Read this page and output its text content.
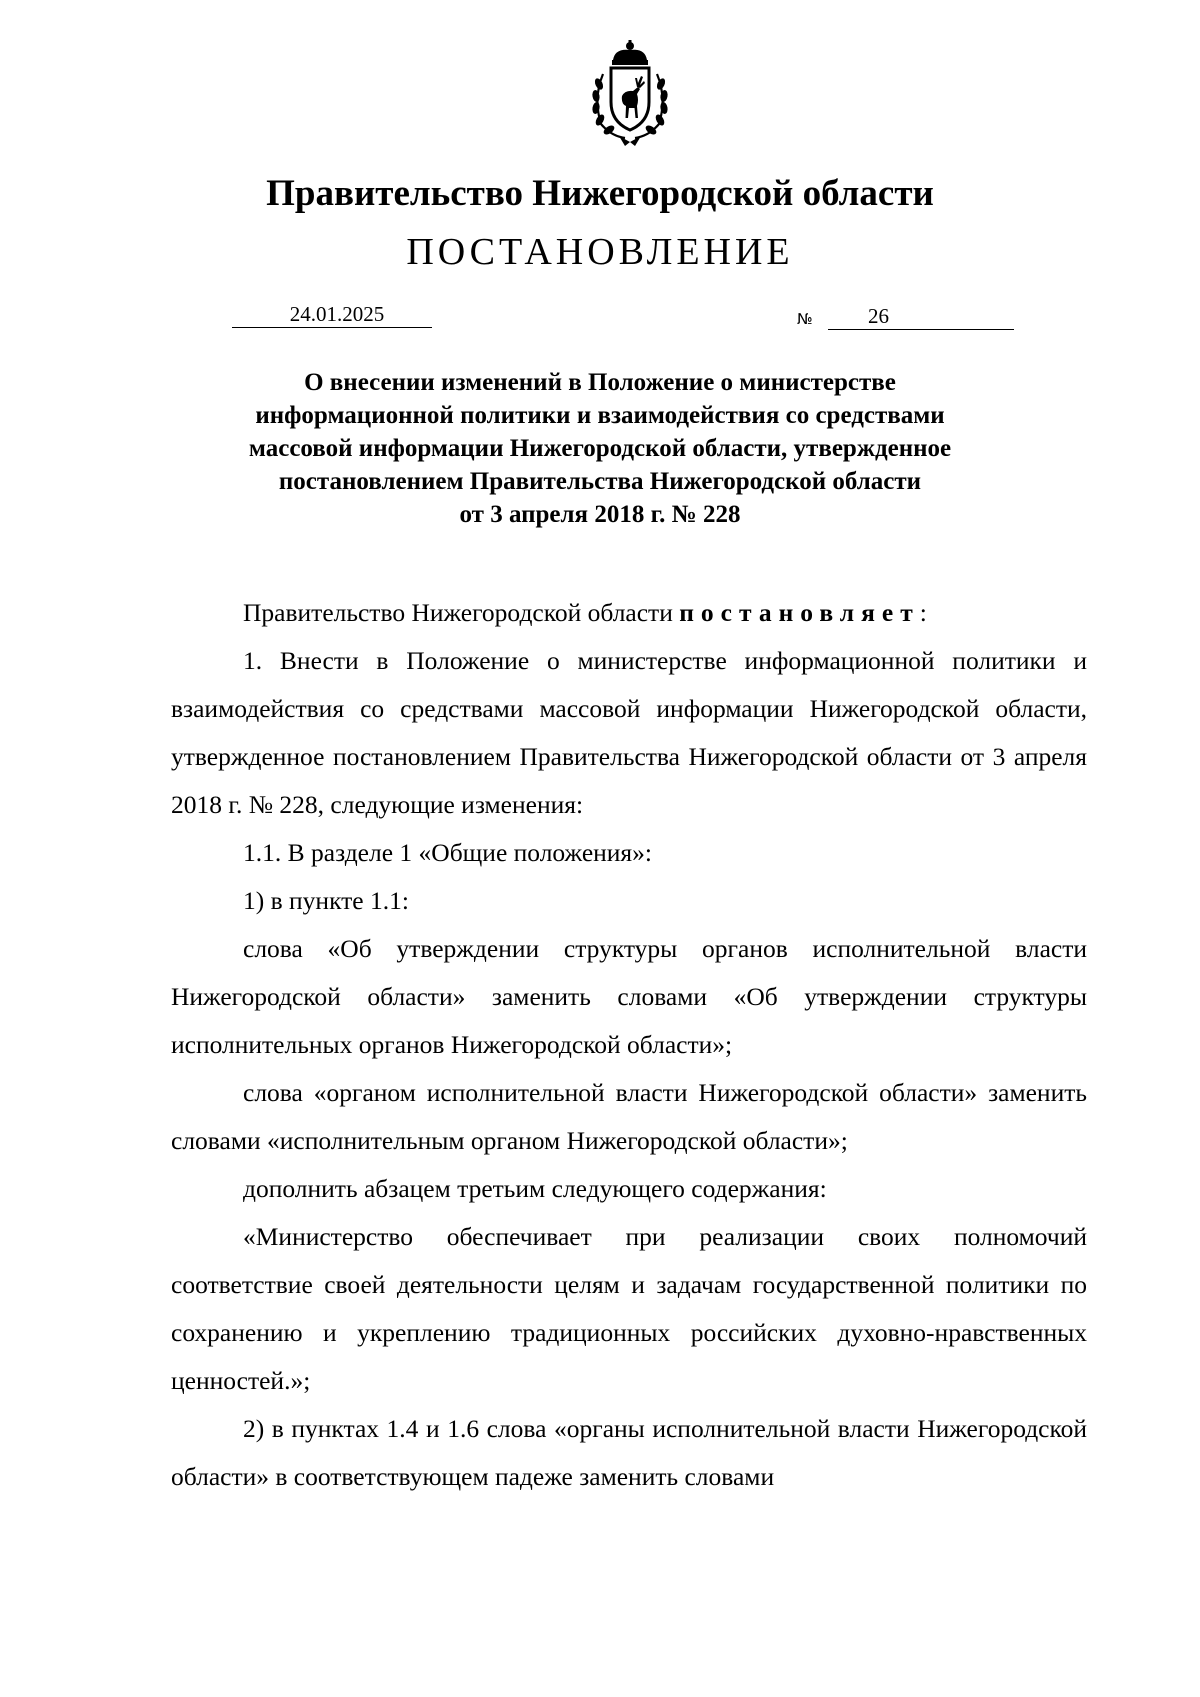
Правительство Нижегородской области
ПОСТАНОВЛЕНИЕ
24.01.2025	№	26
О внесении изменений в Положение о министерстве
информационной политики и взаимодействия со средствами
массовой информации Нижегородской области, утвержденное
постановлением Правительства Нижегородской области
от 3 апреля 2018 г. № 228

Правительство Нижегородской области постановляет:

1. Внести в Положение о министерстве информационной политики и взаимодействия со средствами массовой информации Нижегородской области, утвержденное постановлением Правительства Нижегородской области от 3 апреля 2018 г. № 228, следующие изменения:

1.1. В разделе 1 «Общие положения»:

1) в пункте 1.1:

слова «Об утверждении структуры органов исполнительной власти Нижегородской области» заменить словами «Об утверждении структуры исполнительных органов Нижегородской области»;

слова «органом исполнительной власти Нижегородской области» заменить словами «исполнительным органом Нижегородской области»;

дополнить абзацем третьим следующего содержания:

«Министерство обеспечивает при реализации своих полномочий соответствие своей деятельности целям и задачам государственной политики по сохранению и укреплению традиционных российских духовно-нравственных ценностей.»;

2) в пунктах 1.4 и 1.6 слова «органы исполнительной власти Нижегородской области» в соответствующем падеже заменить словами
